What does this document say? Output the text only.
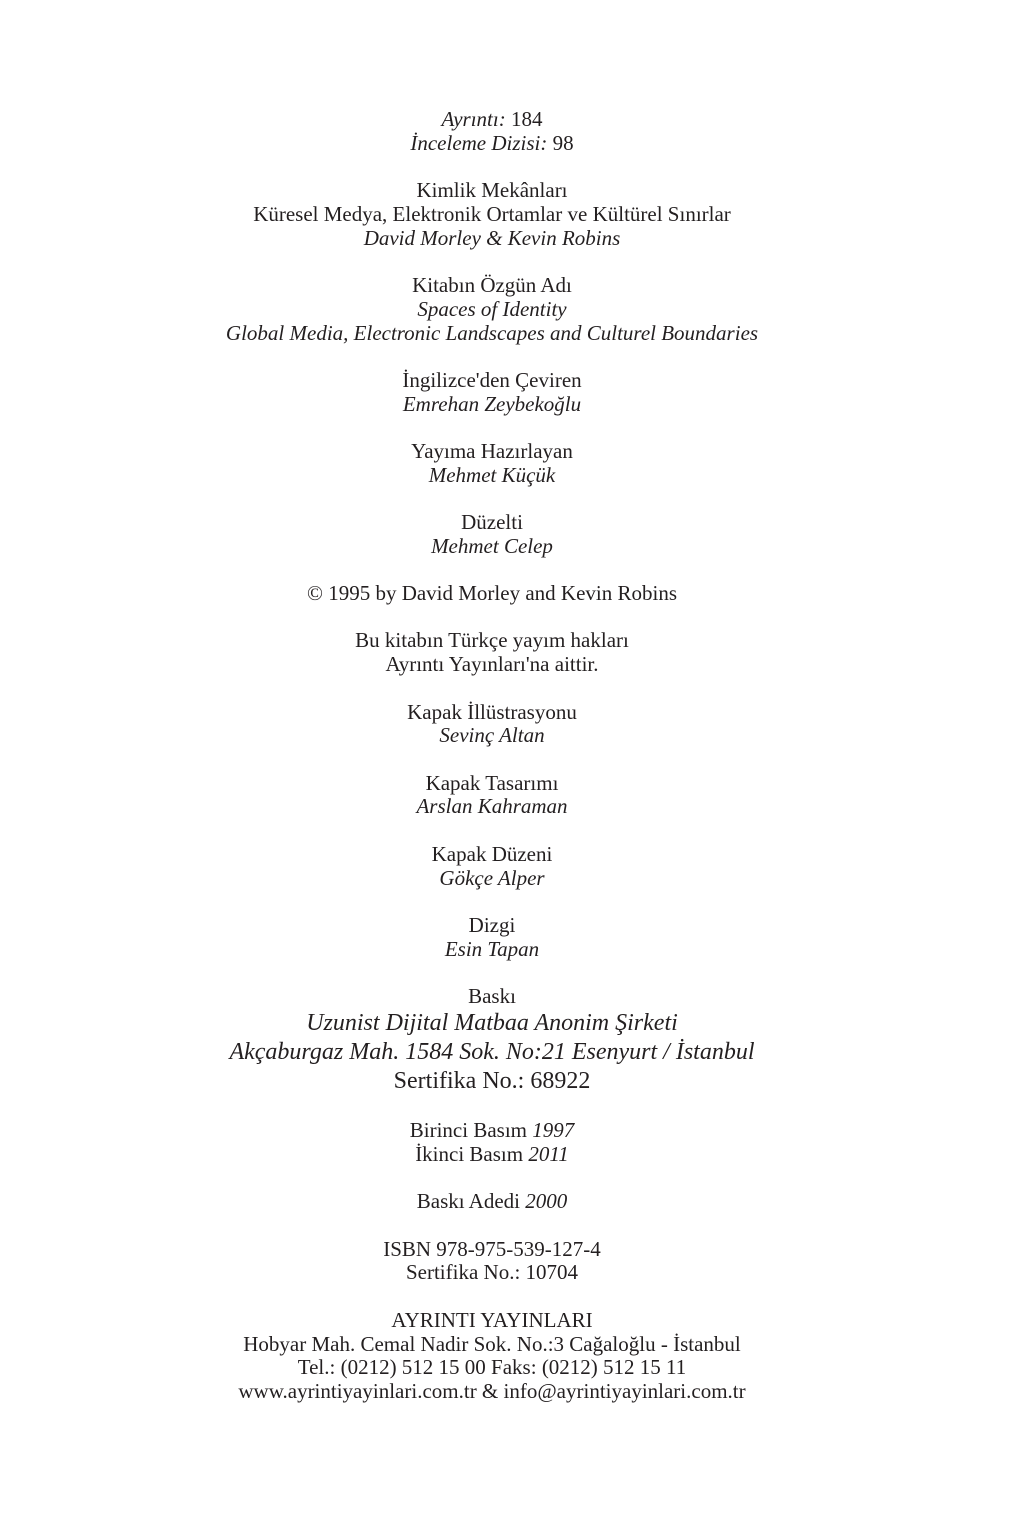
Ayrıntı: 184
İnceleme Dizisi: 98
Kimlik Mekânları
Küresel Medya, Elektronik Ortamlar ve Kültürel Sınırlar
David Morley & Kevin Robins
Kitabın Özgün Adı
Spaces of Identity
Global Media, Electronic Landscapes and Culturel Boundaries
İngilizce'den Çeviren
Emrehan Zeybekoğlu
Yayıma Hazırlayan
Mehmet Küçük
Düzelti
Mehmet Celep
© 1995 by David Morley and Kevin Robins
Bu kitabın Türkçe yayım hakları
Ayrıntı Yayınları'na aittir.
Kapak İllüstrasyonu
Sevinç Altan
Kapak Tasarımı
Arslan Kahraman
Kapak Düzeni
Gökçe Alper
Dizgi
Esin Tapan
Baskı
Uzunist Dijital Matbaa Anonim Şirketi
Akçaburgaz Mah. 1584 Sok. No:21 Esenyurt / İstanbul
Sertifika No.: 68922
Birinci Basım 1997
İkinci Basım 2011
Baskı Adedi 2000
ISBN 978-975-539-127-4
Sertifika No.: 10704
AYRINTI YAYINLARI
Hobyar Mah. Cemal Nadir Sok. No.:3 Cağaloğlu - İstanbul
Tel.: (0212) 512 15 00 Faks: (0212) 512 15 11
www.ayrintiyayinlari.com.tr & info@ayrintiyayinlari.com.tr
